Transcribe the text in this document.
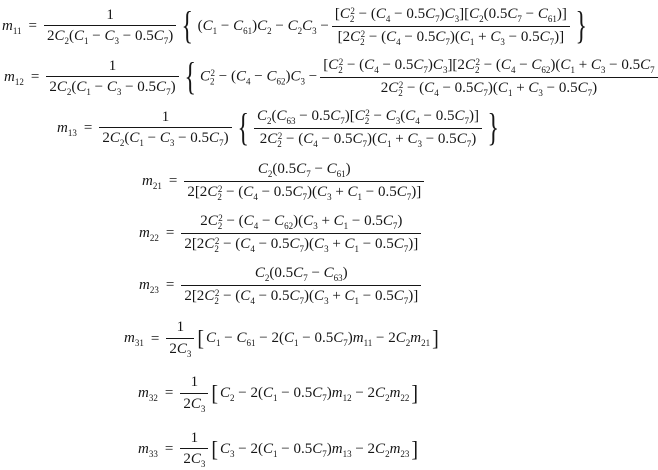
$m_{11} = \frac{1}{2C_2(C_1 - C_3 - 0.5C_7)}$ { $(C_1 - C_{61})C_2 - C_2C_3 - \frac{[C_2^2 - (C_4 - 0.5C_7)C_3][C_2(0.5C_7 - C_{61})]}{[2C_2^2 - (C_4 - 0.5C_7)(C_1 + C_3 - 0.5C_7)]}$ }
$m_{12} = \frac{1}{2C_2(C_1 - C_3 - 0.5C_7)}$ { $C_2^2 - (C_4 - C_{62})C_3 - \frac{[C_2^2 - (C_4 - 0.5C_7)C_3][2C_2^2 - (C_4 - C_{62})(C_1 + C_3 - 0.5C_7}{2C_2^2 - (C_4 - 0.5C_7)(C_1 + C_3 - 0.5C_7)}$
$m_{13} = \frac{1}{2C_2(C_1 - C_3 - 0.5C_7)}$ { $\frac{C_2(C_{63} - 0.5C_7)[C_2^2 - C_3(C_4 - 0.5C_7)]}{2C_2^2 - (C_4 - 0.5C_7)(C_1 + C_3 - 0.5C_7)}$ }
$m_{21} = \frac{C_2(0.5C_7 - C_{61})}{2[2C_2^2 - (C_4 - 0.5C_7)(C_3 + C_1 - 0.5C_7)]}$
$m_{22} = \frac{2C_2^2 - (C_4 - C_{62})(C_3 + C_1 - 0.5C_7)}{2[2C_2^2 - (C_4 - 0.5C_7)(C_3 + C_1 - 0.5C_7)]}$
$m_{23} = \frac{C_2(0.5C_7 - C_{63})}{2[2C_2^2 - (C_4 - 0.5C_7)(C_3 + C_1 - 0.5C_7)]}$
$m_{31} = \frac{1}{2C_3}$ [ $C_1 - C_{61} - 2(C_1 - 0.5C_7)m_{11} - 2C_2m_{21}$ ]
$m_{32} = \frac{1}{2C_3}$ [ $C_2 - 2(C_1 - 0.5C_7)m_{12} - 2C_2m_{22}$ ]
$m_{33} = \frac{1}{2C_3}$ [ $C_3 - 2(C_1 - 0.5C_7)m_{13} - 2C_2m_{23}$ ]
